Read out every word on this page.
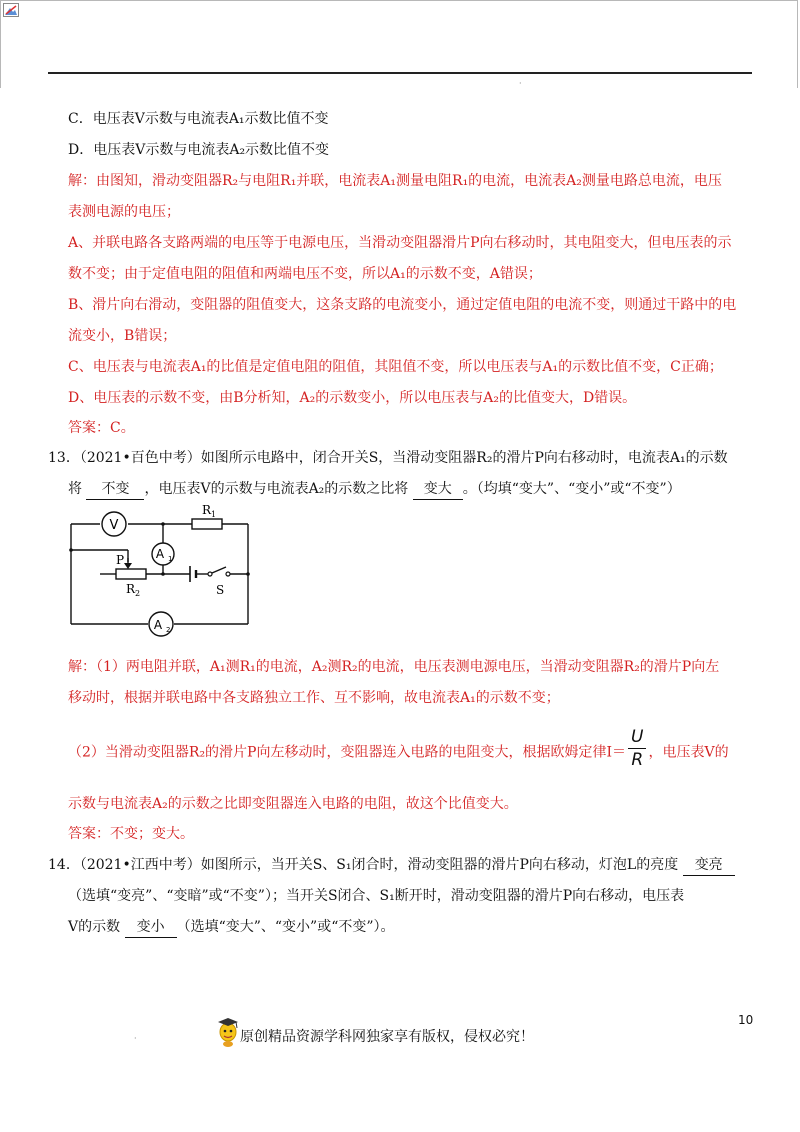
·
C．电压表V示数与电流表A₁示数比值不变
D．电压表V示数与电流表A₂示数比值不变
解：由图知，滑动变阻器R₂与电阻R₁并联，电流表A₁测量电阻R₁的电流，电流表A₂测量电路总电流，电压
表测电源的电压；
A、并联电路各支路两端的电压等于电源电压，当滑动变阻器滑片P向右移动时，其电阻变大，但电压表的示
数不变；由于定值电阻的阻值和两端电压不变，所以A₁的示数不变，A错误；
B、滑片向右滑动，变阻器的阻值变大，这条支路的电流变小，通过定值电阻的电流不变，则通过干路中的电
流变小，B错误；
C、电压表与电流表A₁的比值是定值电阻的阻值，其阻值不变，所以电压表与A₁的示数比值不变，C正确；
D、电压表的示数不变，由B分析知，A₂的示数变小，所以电压表与A₂的比值变大，D错误。
答案：C。
13．（2021•百色中考）如图所示电路中，闭合开关S，当滑动变阻器R₂的滑片P向右移动时，电流表A₁的示数
将 不变 ，电压表V的示数与电流表A₂的示数之比将 变大 。（均填“变大”、“变小”或“不变”）
V
R 1
A 1
P
R 2	S
A 2
解：（1）两电阻并联，A₁测R₁的电流，A₂测R₂的电流，电压表测电源电压，当滑动变阻器R₂的滑片P向左
移动时，根据并联电路中各支路独立工作、互不影响，故电流表A₁的示数不变；
（2）当滑动变阻器R₂的滑片P向左移动时，变阻器连入电路的电阻变大，根据欧姆定律$I= \frac{U}{R}$ ，电压表V的
示数与电流表A₂的示数之比即变阻器连入电路的电阻，故这个比值变大。
答案：不变；变大。
14．（2021•江西中考）如图所示，当开关S、S₁闭合时，滑动变阻器的滑片P向右移动，灯泡L的亮度 变亮
（选填“变亮”、“变暗”或“不变”）；当开关S闭合、S₁断开时，滑动变阻器的滑片P向右移动，电压表
V的示数 变小 （选填“变大”、“变小”或“不变”）。
原创精品资源学科网独家享有版权，侵权必究！
10
·
